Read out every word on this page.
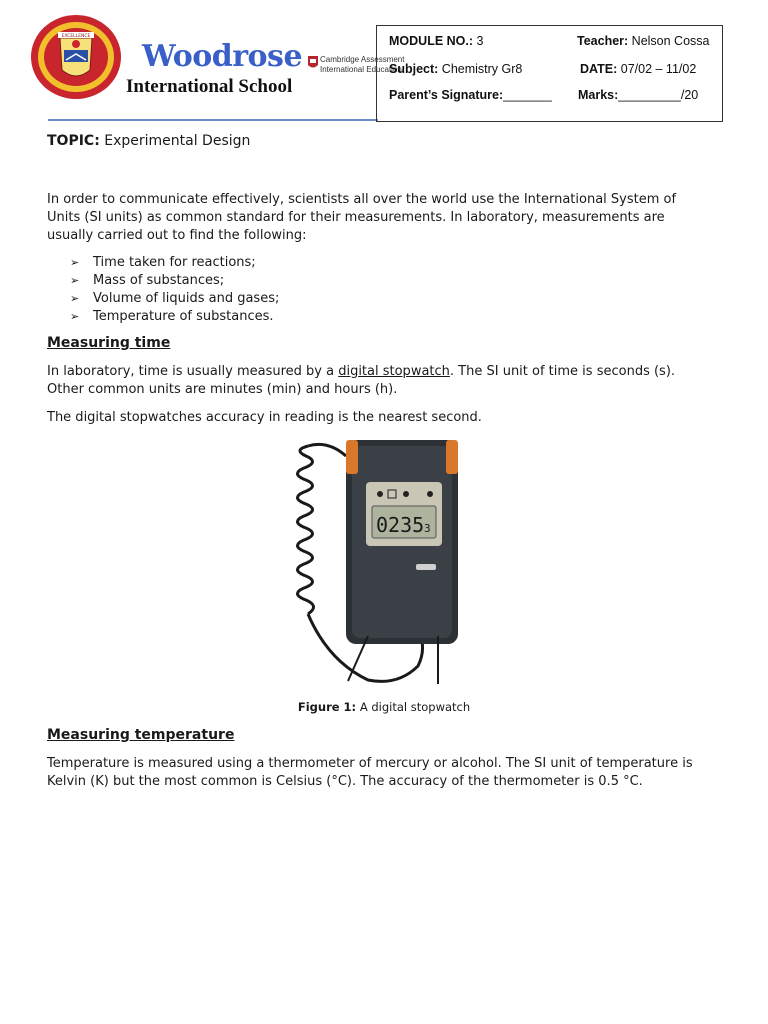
EXCELLENCE
Woodrose
International School
Cambridge Assessment
International Education
MODULE NO.: 3	Teacher: Nelson Cossa
Subject: Chemistry Gr8	DATE: 07/02 – 11/02
Parent’s Signature:_______ Marks:_________/20
TOPIC: Experimental Design
In order to communicate effectively, scientists all over the world use the International System of
Units (SI units) as common standard for their measurements. In laboratory, measurements are
usually carried out to find the following:
➢	Time taken for reactions;
➢	Mass of substances;
➢	Volume of liquids and gases;
➢	Temperature of substances.
Measuring time
In laboratory, time is usually measured by a digital stopwatch. The SI unit of time is seconds (s).
Other common units are minutes (min) and hours (h).
The digital stopwatches accuracy in reading is the nearest second.
0235 3
Figure 1: A digital stopwatch
Measuring temperature
Temperature is measured using a thermometer of mercury or alcohol. The SI unit of temperature is
Kelvin (K) but the most common is Celsius (°C). The accuracy of the thermometer is 0.5 °C.
